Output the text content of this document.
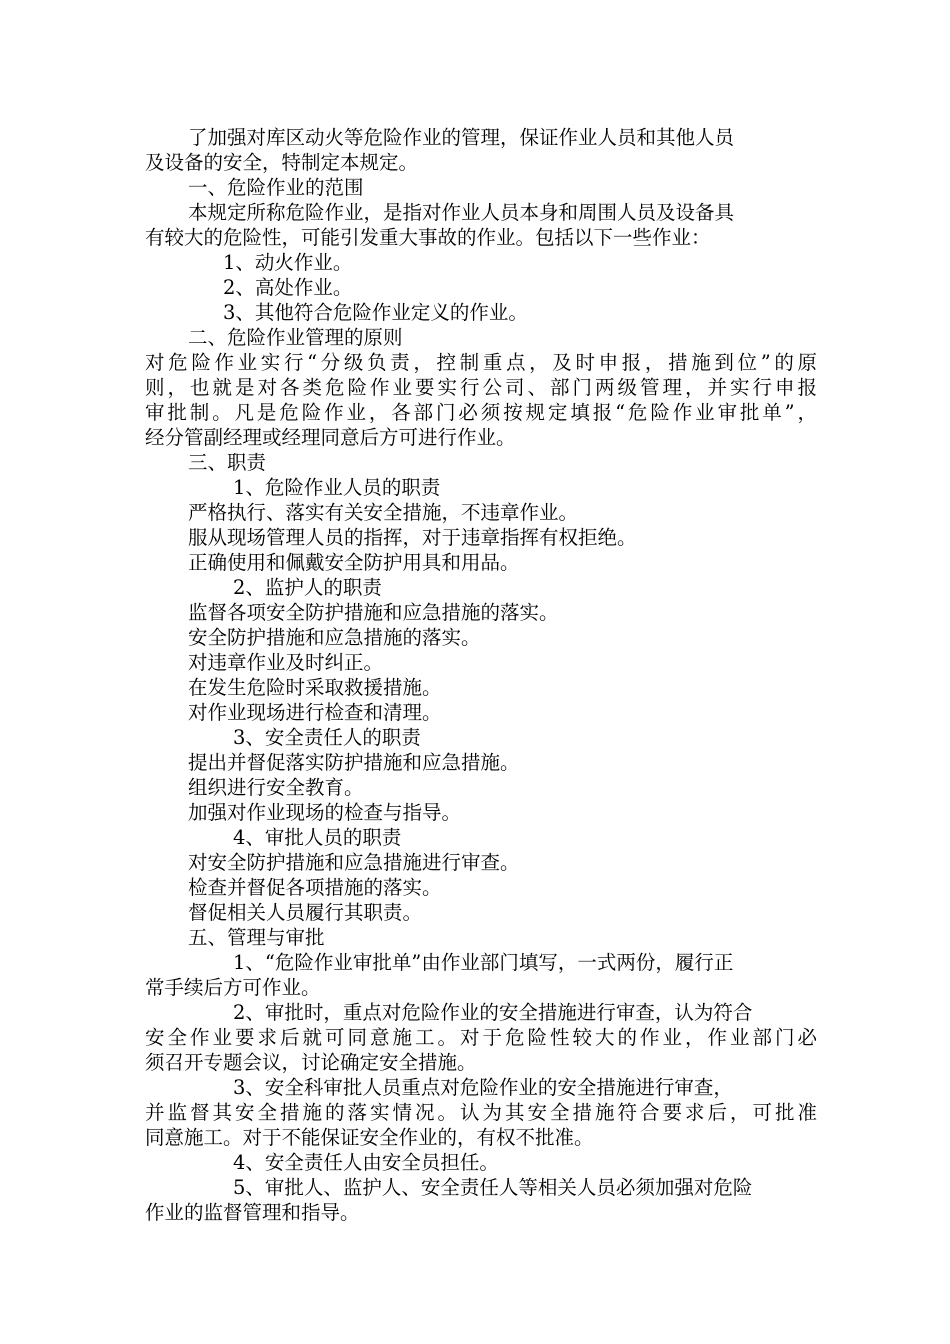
了加强对库区动火等危险作业的管理，保证作业人员和其他人员
及设备的安全，特制定本规定。
一、危险作业的范围
本规定所称危险作业，是指对作业人员本身和周围人员及设备具
有较大的危险性，可能引发重大事故的作业。包括以下一些作业：
1、动火作业。
2、高处作业。
3、其他符合危险作业定义的作业。
二、危险作业管理的原则
对危险作业实行“分级负责，控制重点，及时申报，措施到位”的原
则，也就是对各类危险作业要实行公司、部门两级管理，并实行申报
审批制。凡是危险作业，各部门必须按规定填报“危险作业审批单”，
经分管副经理或经理同意后方可进行作业。
三、职责
1、危险作业人员的职责
严格执行、落实有关安全措施，不违章作业。
服从现场管理人员的指挥，对于违章指挥有权拒绝。
正确使用和佩戴安全防护用具和用品。
2、监护人的职责
监督各项安全防护措施和应急措施的落实。
安全防护措施和应急措施的落实。
对违章作业及时纠正。
在发生危险时采取救援措施。
对作业现场进行检查和清理。
3、安全责任人的职责
提出并督促落实防护措施和应急措施。
组织进行安全教育。
加强对作业现场的检查与指导。
4、审批人员的职责
对安全防护措施和应急措施进行审查。
检查并督促各项措施的落实。
督促相关人员履行其职责。
五、管理与审批
1、“危险作业审批单”由作业部门填写，一式两份，履行正
常手续后方可作业。
2、审批时，重点对危险作业的安全措施进行审查，认为符合
安全作业要求后就可同意施工。对于危险性较大的作业，作业部门必
须召开专题会议，讨论确定安全措施。
3、安全科审批人员重点对危险作业的安全措施进行审查，
并监督其安全措施的落实情况。认为其安全措施符合要求后，可批准
同意施工。对于不能保证安全作业的，有权不批准。
4、安全责任人由安全员担任。
5、审批人、监护人、安全责任人等相关人员必须加强对危险
作业的监督管理和指导。
